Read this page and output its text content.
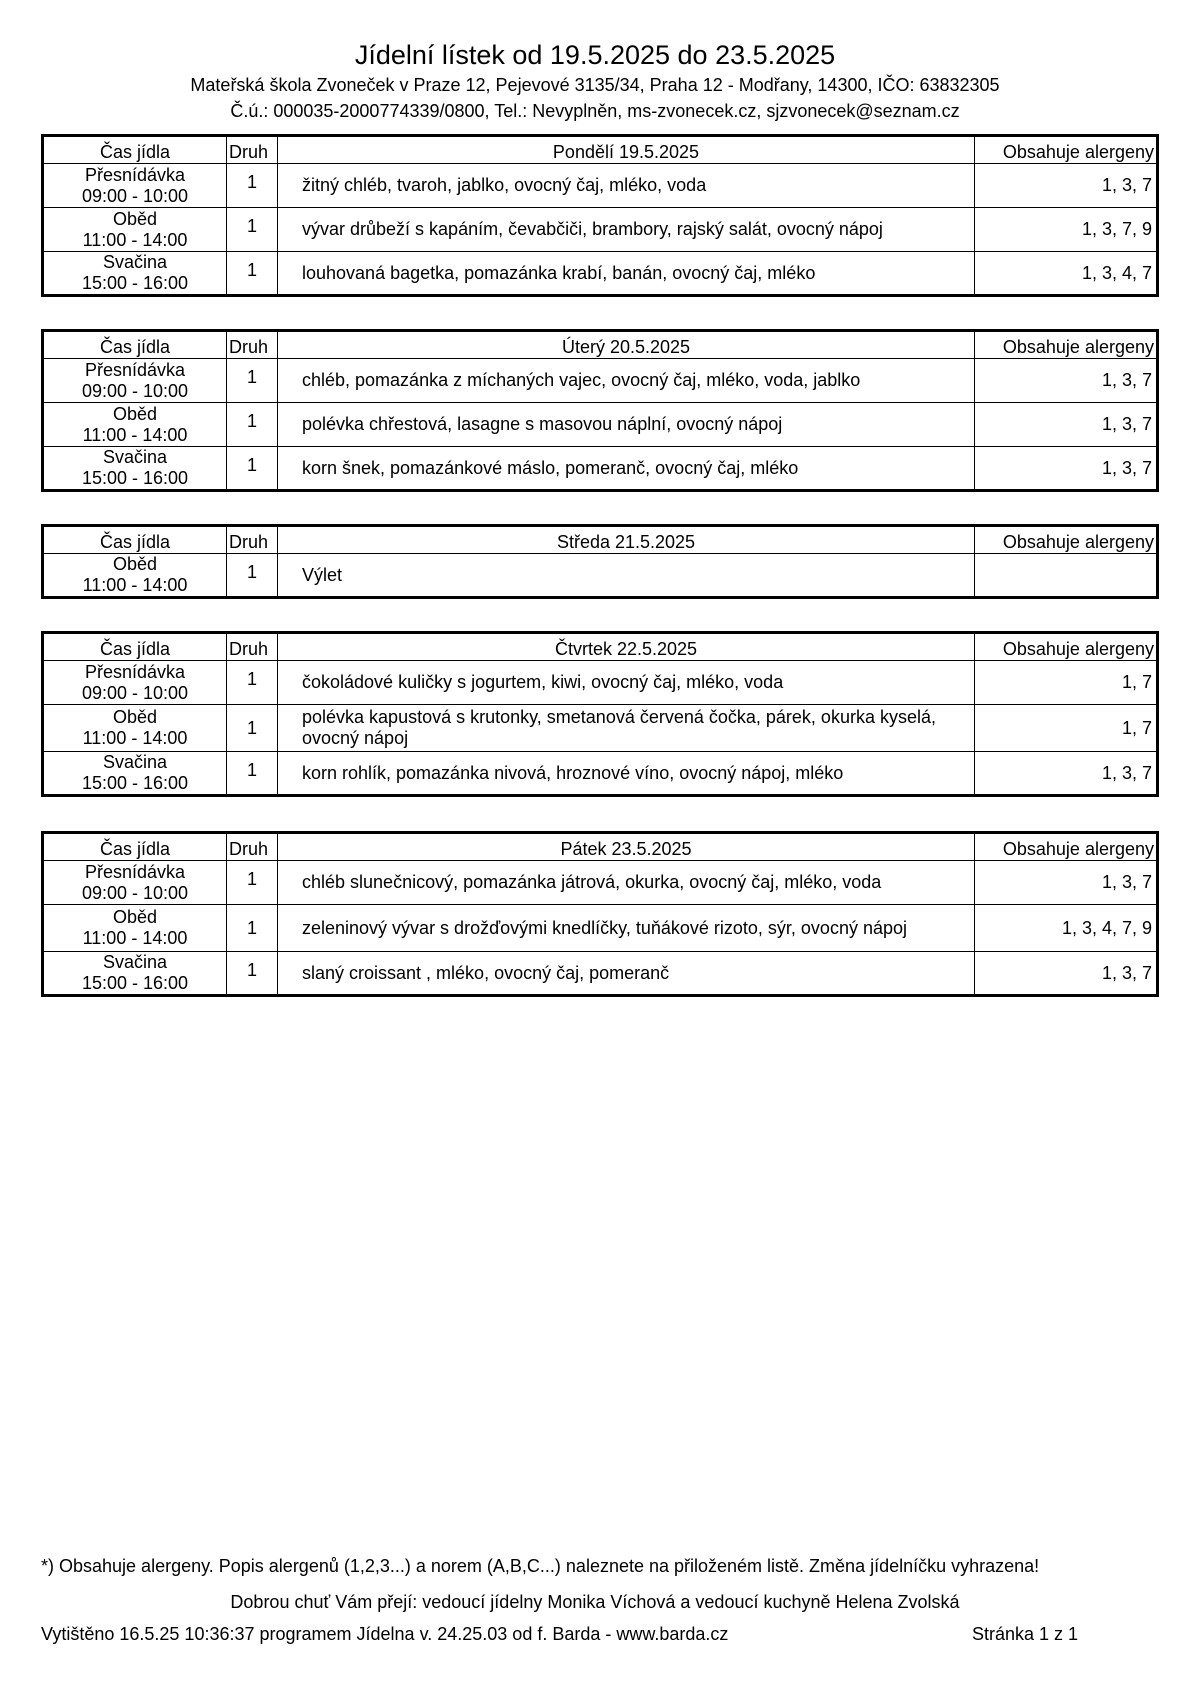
Jídelní lístek od 19.5.2025 do 23.5.2025
Mateřská škola Zvoneček v Praze 12, Pejevové 3135/34, Praha 12 - Modřany, 14300, IČO: 63832305
Č.ú.: 000035-2000774339/0800, Tel.: Nevyplněn, ms-zvonecek.cz, sjzvonecek@seznam.cz
Čas jídla	Druh	Pondělí 19.5.2025	Obsahuje alergeny

Přesnídávka
09:00 - 10:00	1	žitný chléb, tvaroh, jablko, ovocný čaj, mléko, voda	1, 3, 7

Oběd
11:00 - 14:00	1	vývar drůbeží s kapáním, čevabčiči, brambory, rajský salát, ovocný nápoj	1, 3, 7, 9

Svačina
15:00 - 16:00	1	louhovaná bagetka, pomazánka krabí, banán, ovocný čaj, mléko	1, 3, 4, 7
Čas jídla	Druh	Úterý 20.5.2025	Obsahuje alergeny

Přesnídávka
09:00 - 10:00	1	chléb, pomazánka z míchaných vajec, ovocný čaj, mléko, voda, jablko	1, 3, 7

Oběd
11:00 - 14:00	1	polévka chřestová, lasagne s masovou náplní, ovocný nápoj	1, 3, 7

Svačina
15:00 - 16:00	1	korn šnek, pomazánkové máslo, pomeranč, ovocný čaj, mléko	1, 3, 7
Čas jídla	Druh	Středa 21.5.2025	Obsahuje alergeny

Oběd
11:00 - 14:00	1	Výlet	
Čas jídla	Druh	Čtvrtek 22.5.2025	Obsahuje alergeny

Přesnídávka
09:00 - 10:00	1	čokoládové kuličky s jogurtem, kiwi, ovocný čaj, mléko, voda	1, 7

Oběd
11:00 - 14:00	1	polévka kapustová s krutonky, smetanová červená čočka, párek, okurka kyselá, ovocný nápoj	1, 7

Svačina
15:00 - 16:00	1	korn rohlík, pomazánka nivová, hroznové víno, ovocný nápoj, mléko	1, 3, 7
Čas jídla	Druh	Pátek 23.5.2025	Obsahuje alergeny

Přesnídávka
09:00 - 10:00	1	chléb slunečnicový, pomazánka játrová, okurka, ovocný čaj, mléko, voda	1, 3, 7

Oběd
11:00 - 14:00	1	zeleninový vývar s drožďovými knedlíčky, tuňákové rizoto, sýr, ovocný nápoj	1, 3, 4, 7, 9

Svačina
15:00 - 16:00	1	slaný croissant , mléko, ovocný čaj, pomeranč	1, 3, 7
*) Obsahuje alergeny. Popis alergenů (1,2,3...) a norem (A,B,C...) naleznete na přiloženém listě. Změna jídelníčku vyhrazena!
Dobrou chuť Vám přejí: vedoucí jídelny Monika Víchová a vedoucí kuchyně Helena Zvolská
Vytištěno 16.5.25 10:36:37 programem Jídelna v. 24.25.03 od f. Barda - www.barda.cz	Stránka 1 z 1
